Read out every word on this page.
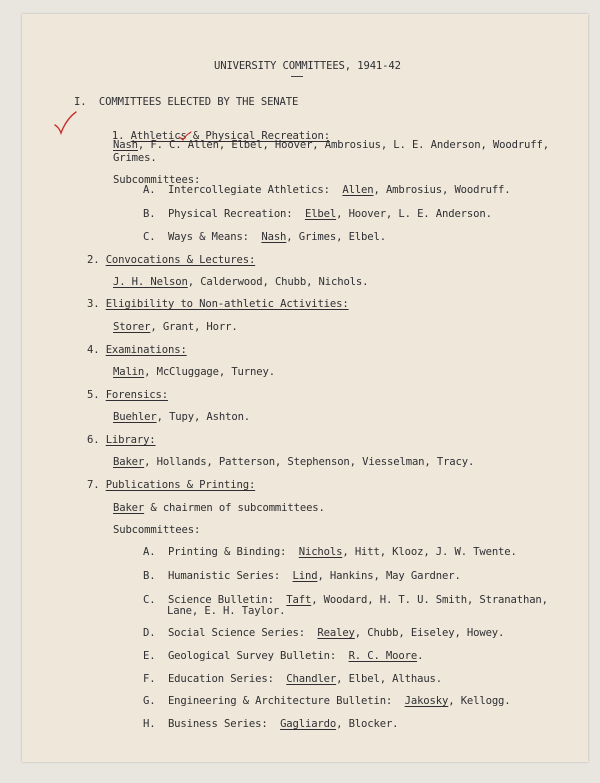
UNIVERSITY COMMITTEES, 1941-42

I.  COMMITTEES ELECTED BY THE SENATE

1. Athletics & Physical Recreation:

Nash, F. C. Allen, Elbel, Hoover, Ambrosius, L. E. Anderson, Woodruff,

Grimes.

Subcommittees:

A. Intercollegiate Athletics: Allen, Ambrosius, Woodruff.

B. Physical Recreation: Elbel, Hoover, L. E. Anderson.

C. Ways & Means: Nash, Grimes, Elbel.

2. Convocations & Lectures:

J. H. Nelson, Calderwood, Chubb, Nichols.

3. Eligibility to Non-athletic Activities:

Storer, Grant, Horr.

4. Examinations:

Malin, McCluggage, Turney.

5. Forensics:

Buehler, Tupy, Ashton.

6. Library:

Baker, Hollands, Patterson, Stephenson, Viesselman, Tracy.

7. Publications & Printing:

Baker & chairmen of subcommittees.

Subcommittees:

A. Printing & Binding: Nichols, Hitt, Klooz, J. W. Twente.

B. Humanistic Series: Lind, Hankins, May Gardner.

C. Science Bulletin: Taft, Woodard, H. T. U. Smith, Stranathan,

Lane, E. H. Taylor.

D. Social Science Series: Realey, Chubb, Eiseley, Howey.

E. Geological Survey Bulletin: R. C. Moore.

F. Education Series: Chandler, Elbel, Althaus.

G. Engineering & Architecture Bulletin: Jakosky, Kellogg.

H. Business Series: Gagliardo, Blocker.
